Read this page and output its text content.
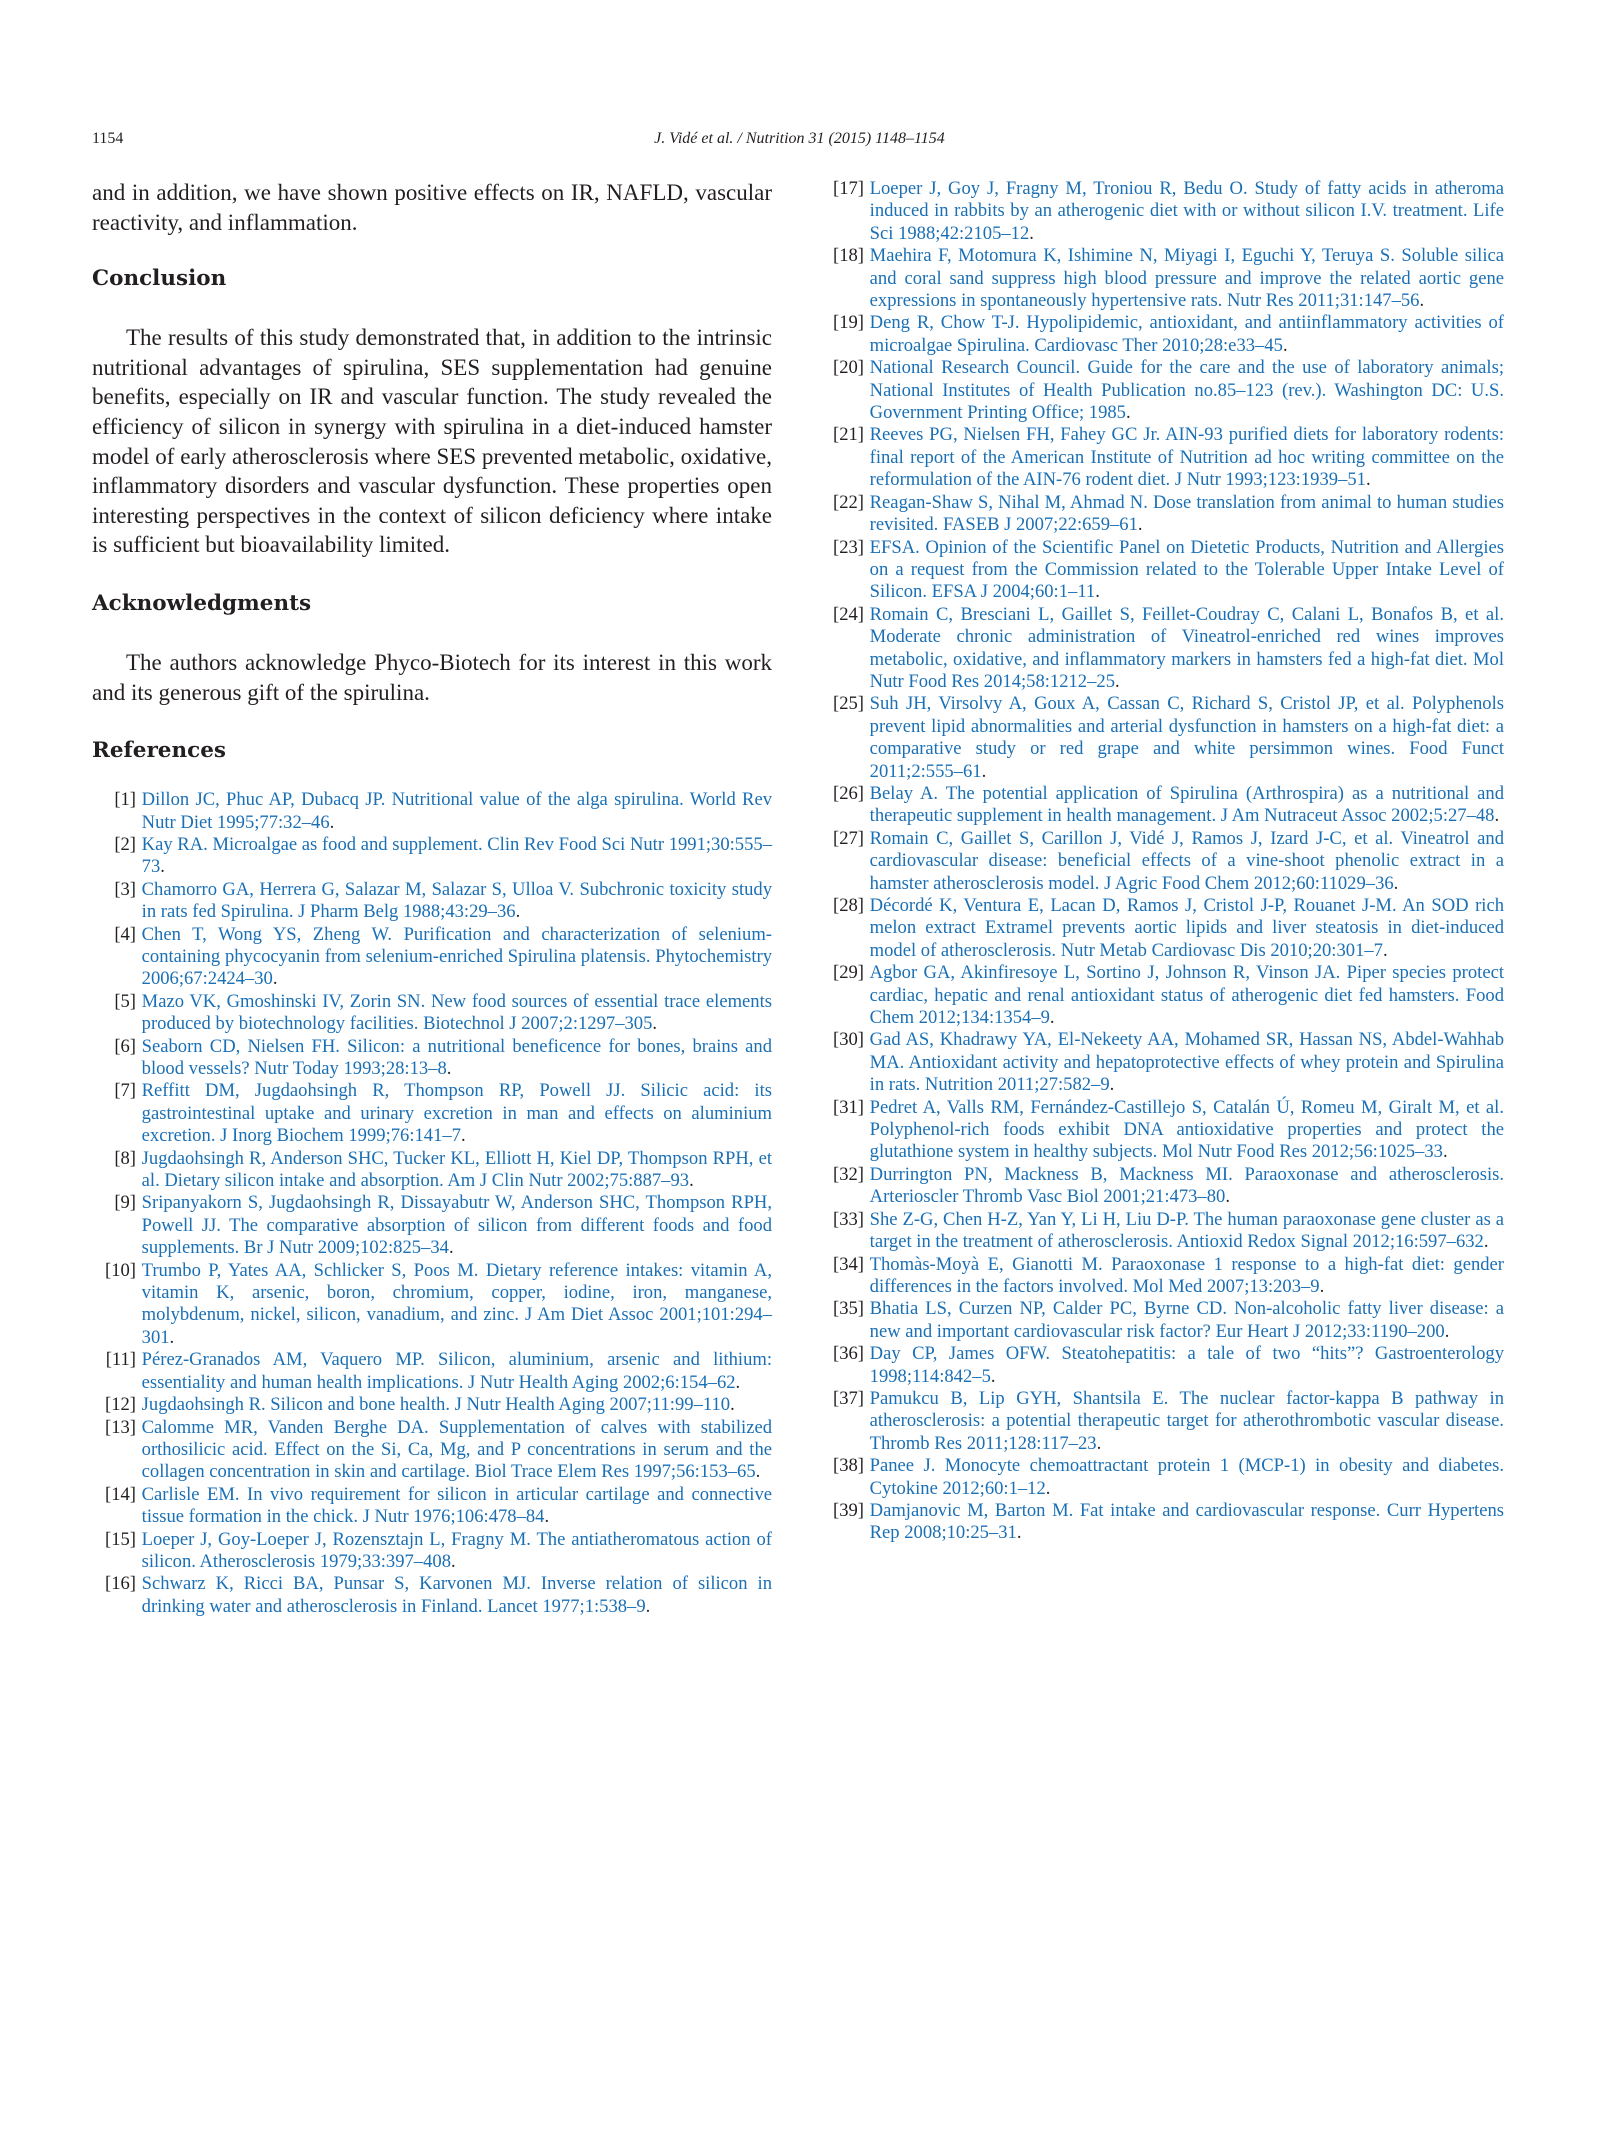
1154	J. Vidé et al. / Nutrition 31 (2015) 1148–1154

and in addition, we have shown positive effects on IR, NAFLD, vascular reactivity, and inflammation.

Conclusion

The results of this study demonstrated that, in addition to the intrinsic nutritional advantages of spirulina, SES supplementation had genuine benefits, especially on IR and vascular function. The study revealed the efficiency of silicon in synergy with spirulina in a diet-induced hamster model of early atherosclerosis where SES prevented metabolic, oxidative, inflammatory disorders and vascular dysfunction. These properties open interesting perspectives in the context of silicon deficiency where intake is sufficient but bioavailability limited.

Acknowledgments

The authors acknowledge Phyco-Biotech for its interest in this work and its generous gift of the spirulina.

References
[1]
Dillon JC, Phuc AP, Dubacq JP. Nutritional value of the alga spirulina. World Rev Nutr Diet 1995;77:32–46 .
[2]
Kay RA. Microalgae as food and supplement. Clin Rev Food Sci Nutr 1991;30:555–73 .
[3]
Chamorro GA, Herrera G, Salazar M, Salazar S, Ulloa V. Subchronic toxicity study in rats fed Spirulina. J Pharm Belg 1988;43:29–36 .
[4]
Chen T, Wong YS, Zheng W. Purification and characterization of selenium-containing phycocyanin from selenium-enriched Spirulina platensis. Phytochemistry 2006;67:2424–30 .
[5]
Mazo VK, Gmoshinski IV, Zorin SN. New food sources of essential trace elements produced by biotechnology facilities. Biotechnol J 2007;2:1297–305 .
[6]
Seaborn CD, Nielsen FH. Silicon: a nutritional beneficence for bones, brains and blood vessels? Nutr Today 1993;28:13–8 .
[7]
Reffitt DM, Jugdaohsingh R, Thompson RP, Powell JJ. Silicic acid: its gastrointestinal uptake and urinary excretion in man and effects on aluminium excretion. J Inorg Biochem 1999;76:141–7 .
[8]
Jugdaohsingh R, Anderson SHC, Tucker KL, Elliott H, Kiel DP, Thompson RPH, et al. Dietary silicon intake and absorption. Am J Clin Nutr 2002;75:887–93 .
[9]
Sripanyakorn S, Jugdaohsingh R, Dissayabutr W, Anderson SHC, Thompson RPH, Powell JJ. The comparative absorption of silicon from different foods and food supplements. Br J Nutr 2009;102:825–34 .
[10]
Trumbo P, Yates AA, Schlicker S, Poos M. Dietary reference intakes: vitamin A, vitamin K, arsenic, boron, chromium, copper, iodine, iron, manganese, molybdenum, nickel, silicon, vanadium, and zinc. J Am Diet Assoc 2001;101:294–301 .
[11]
Pérez-Granados AM, Vaquero MP. Silicon, aluminium, arsenic and lithium: essentiality and human health implications. J Nutr Health Aging 2002;6:154–62 .
[12]
Jugdaohsingh R. Silicon and bone health. J Nutr Health Aging 2007;11:99–110 .
[13]
Calomme MR, Vanden Berghe DA. Supplementation of calves with stabilized orthosilicic acid. Effect on the Si, Ca, Mg, and P concentrations in serum and the collagen concentration in skin and cartilage. Biol Trace Elem Res 1997;56:153–65 .
[14]
Carlisle EM. In vivo requirement for silicon in articular cartilage and connective tissue formation in the chick. J Nutr 1976;106:478–84 .
[15]
Loeper J, Goy-Loeper J, Rozensztajn L, Fragny M. The antiatheromatous action of silicon. Atherosclerosis 1979;33:397–408 .
[16]
Schwarz K, Ricci BA, Punsar S, Karvonen MJ. Inverse relation of silicon in drinking water and atherosclerosis in Finland. Lancet 1977;1:538–9 .
[17]
Loeper J, Goy J, Fragny M, Troniou R, Bedu O. Study of fatty acids in atheroma induced in rabbits by an atherogenic diet with or without silicon I.V. treatment. Life Sci 1988;42:2105–12 .
[18]
Maehira F, Motomura K, Ishimine N, Miyagi I, Eguchi Y, Teruya S. Soluble silica and coral sand suppress high blood pressure and improve the related aortic gene expressions in spontaneously hypertensive rats. Nutr Res 2011;31:147–56 .
[19]
Deng R, Chow T-J. Hypolipidemic, antioxidant, and antiinflammatory activities of microalgae Spirulina. Cardiovasc Ther 2010;28:e33–45 .
[20]
National Research Council. Guide for the care and the use of laboratory animals; National Institutes of Health Publication no.85–123 (rev.). Washington DC: U.S. Government Printing Office; 1985 .
[21]
Reeves PG, Nielsen FH, Fahey GC Jr. AIN-93 purified diets for laboratory rodents: final report of the American Institute of Nutrition ad hoc writing committee on the reformulation of the AIN-76 rodent diet. J Nutr 1993;123:1939–51 .
[22]
Reagan-Shaw S, Nihal M, Ahmad N. Dose translation from animal to human studies revisited. FASEB J 2007;22:659–61 .
[23]
EFSA. Opinion of the Scientific Panel on Dietetic Products, Nutrition and Allergies on a request from the Commission related to the Tolerable Upper Intake Level of Silicon. EFSA J 2004;60:1–11 .
[24]
Romain C, Bresciani L, Gaillet S, Feillet-Coudray C, Calani L, Bonafos B, et al. Moderate chronic administration of Vineatrol-enriched red wines improves metabolic, oxidative, and inflammatory markers in hamsters fed a high-fat diet. Mol Nutr Food Res 2014;58:1212–25 .
[25]
Suh JH, Virsolvy A, Goux A, Cassan C, Richard S, Cristol JP, et al. Polyphenols prevent lipid abnormalities and arterial dysfunction in hamsters on a high-fat diet: a comparative study or red grape and white persimmon wines. Food Funct 2011;2:555–61 .
[26]
Belay A. The potential application of Spirulina (Arthrospira) as a nutritional and therapeutic supplement in health management. J Am Nutraceut Assoc 2002;5:27–48 .
[27]
Romain C, Gaillet S, Carillon J, Vidé J, Ramos J, Izard J-C, et al. Vineatrol and cardiovascular disease: beneficial effects of a vine-shoot phenolic extract in a hamster atherosclerosis model. J Agric Food Chem 2012;60:11029–36 .
[28]
Décordé K, Ventura E, Lacan D, Ramos J, Cristol J-P, Rouanet J-M. An SOD rich melon extract Extramel prevents aortic lipids and liver steatosis in diet-induced model of atherosclerosis. Nutr Metab Cardiovasc Dis 2010;20:301–7 .
[29]
Agbor GA, Akinfiresoye L, Sortino J, Johnson R, Vinson JA. Piper species protect cardiac, hepatic and renal antioxidant status of atherogenic diet fed hamsters. Food Chem 2012;134:1354–9 .
[30]
Gad AS, Khadrawy YA, El-Nekeety AA, Mohamed SR, Hassan NS, Abdel-Wahhab MA. Antioxidant activity and hepatoprotective effects of whey protein and Spirulina in rats. Nutrition 2011;27:582–9 .
[31]
Pedret A, Valls RM, Fernández-Castillejo S, Catalán Ú, Romeu M, Giralt M, et al. Polyphenol-rich foods exhibit DNA antioxidative properties and protect the glutathione system in healthy subjects. Mol Nutr Food Res 2012;56:1025–33 .
[32]
Durrington PN, Mackness B, Mackness MI. Paraoxonase and atherosclerosis. Arterioscler Thromb Vasc Biol 2001;21:473–80 .
[33]
She Z-G, Chen H-Z, Yan Y, Li H, Liu D-P. The human paraoxonase gene cluster as a target in the treatment of atherosclerosis. Antioxid Redox Signal 2012;16:597–632 .
[34]
Thomàs-Moyà E, Gianotti M. Paraoxonase 1 response to a high-fat diet: gender differences in the factors involved. Mol Med 2007;13:203–9 .
[35]
Bhatia LS, Curzen NP, Calder PC, Byrne CD. Non-alcoholic fatty liver disease: a new and important cardiovascular risk factor? Eur Heart J 2012;33:1190–200 .
[36]
Day CP, James OFW. Steatohepatitis: a tale of two “hits”? Gastroenterology 1998;114:842–5 .
[37]
Pamukcu B, Lip GYH, Shantsila E. The nuclear factor-kappa B pathway in atherosclerosis: a potential therapeutic target for atherothrombotic vascular disease. Thromb Res 2011;128:117–23 .
[38]
Panee J. Monocyte chemoattractant protein 1 (MCP-1) in obesity and diabetes. Cytokine 2012;60:1–12 .
[39]
Damjanovic M, Barton M. Fat intake and cardiovascular response. Curr Hypertens Rep 2008;10:25–31 .
